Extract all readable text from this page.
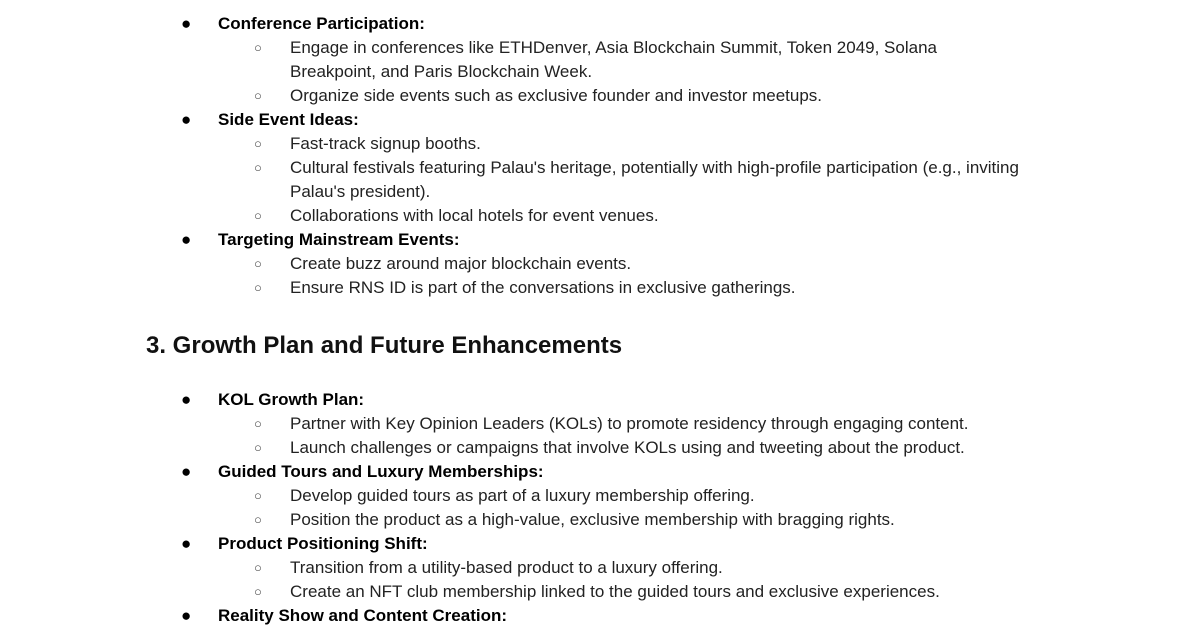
● Conference Participation:
○ Engage in conferences like ETHDenver, Asia Blockchain Summit, Token 2049, Solana Breakpoint, and Paris Blockchain Week.
○ Organize side events such as exclusive founder and investor meetups.
● Side Event Ideas:
○ Fast-track signup booths.
○ Cultural festivals featuring Palau's heritage, potentially with high-profile participation (e.g., inviting Palau's president).
○ Collaborations with local hotels for event venues.
● Targeting Mainstream Events:
○ Create buzz around major blockchain events.
○ Ensure RNS ID is part of the conversations in exclusive gatherings.
3. Growth Plan and Future Enhancements
● KOL Growth Plan:
○ Partner with Key Opinion Leaders (KOLs) to promote residency through engaging content.
○ Launch challenges or campaigns that involve KOLs using and tweeting about the product.
● Guided Tours and Luxury Memberships:
○ Develop guided tours as part of a luxury membership offering.
○ Position the product as a high-value, exclusive membership with bragging rights.
● Product Positioning Shift:
○ Transition from a utility-based product to a luxury offering.
○ Create an NFT club membership linked to the guided tours and exclusive experiences.
● Reality Show and Content Creation:
